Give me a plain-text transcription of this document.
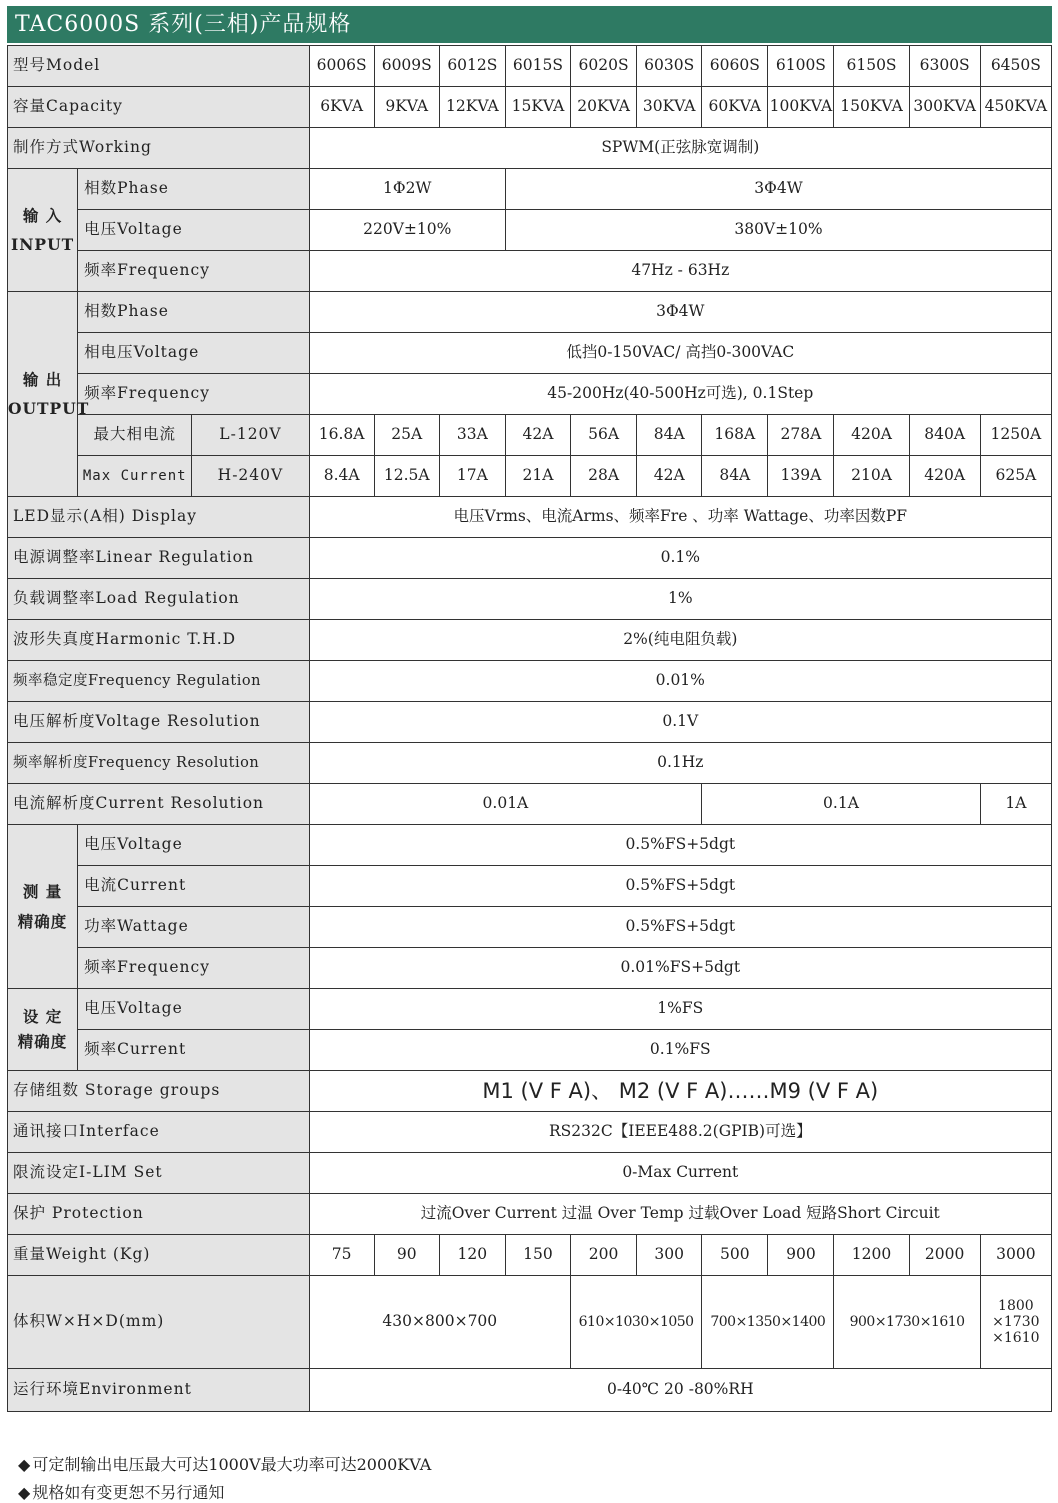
TAC6000S 系列(三相)产品规格
型号Model			6006S	6009S	6012S	6015S	6020S	6030S	6060S	6100S	6150S	6300S	6450S
容量Capacity			6KVA	9KVA	12KVA	15KVA	20KVA	30KVA	60KVA	100KVA	150KVA	300KVA	450KVA
制作方式Working			SPWM(正弦脉宽调制)										
输 入
INPUT	相数Phase		1Φ2W			3Φ4W							
	电压Voltage		220V±10%			380V±10%							
	频率Frequency		47Hz - 63Hz										
输 出
OUTPUT	相数Phase		3Φ4W										
	相电压Voltage		低挡0-150VAC/ 高挡0-300VAC										
	频率Frequency		45-200Hz(40-500Hz可选), 0.1Step										
	最大相电流	L-120V	16.8A	25A	33A	42A	56A	84A	168A	278A	420A	840A	1250A
	Max Current	H-240V	8.4A	12.5A	17A	21A	28A	42A	84A	139A	210A	420A	625A
LED显示(A相) Display			电压Vrms、电流Arms、频率Fre 、功率 Wattage、功率因数PF										
电源调整率Linear Regulation			0.1%										
负载调整率Load Regulation			1%										
波形失真度Harmonic T.H.D			2%(纯电阻负载)										
频率稳定度Frequency Regulation			0.01%										
电压解析度Voltage Resolution			0.1V										
频率解析度Frequency Resolution			0.1Hz										
电流解析度Current Resolution			0.01A						0.1A				1A
测 量
精确度	电压Voltage		0.5%FS+5dgt										
	电流Current		0.5%FS+5dgt										
	功率Wattage		0.5%FS+5dgt										
	频率Frequency		0.01%FS+5dgt										
设 定
精确度	电压Voltage		1%FS										
	频率Current		0.1%FS										
存储组数 Storage groups			M1 (V F A)、 M2 (V F A)……M9 (V F A)										
通讯接口Interface			RS232C【IEEE488.2(GPIB)可选】										
限流设定I-LIM Set			0-Max Current										
保护 Protection			过流Over Current 过温 Over Temp 过载Over Load 短路Short Circuit										
重量Weight (Kg)			75	90	120	150	200	300	500	900	1200	2000	3000
体积W×H×D(mm)			430×800×700				610×1030×1050		700×1350×1400		900×1730×1610		1800
×1730
×1610
运行环境Environment			0-40℃ 20 -80%RH										
◆ 可定制输出电压最大可达1000V最大功率可达2000KVA
◆ 规格如有变更恕不另行通知
